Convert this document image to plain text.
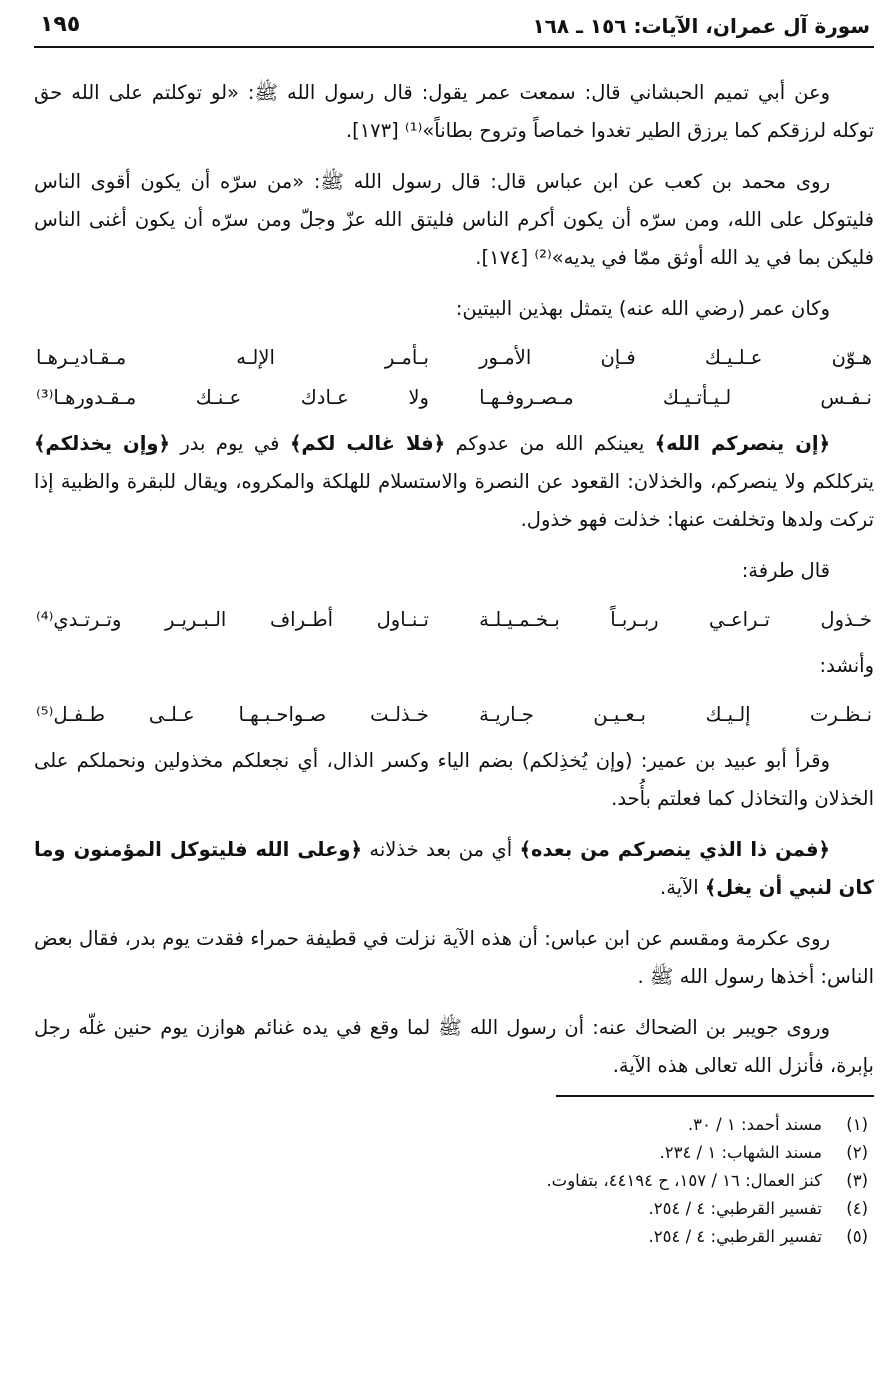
سورة آل عمران، الآيات: ١٥٦ ـ ١٦٨
١٩٥

وعن أبي تميم الحبشاني قال: سمعت عمر يقول: قال رسول الله ﷺ: «لو توكلتم على الله حق توكله لرزقكم كما يرزق الطير تغدوا خماصاً وتروح بطاناً»⁽¹⁾ [١٧٣].

روى محمد بن كعب عن ابن عباس قال: قال رسول الله ﷺ: «من سرّه أن يكون أقوى الناس فليتوكل على الله، ومن سرّه أن يكون أكرم الناس فليتق الله عزّ وجلّ ومن سرّه أن يكون أغنى الناس فليكن بما في يد الله أوثق ممّا في يديه»⁽²⁾ [١٧٤].

وكان عمر (رضي الله عنه) يتمثل بهذين البيتين:

هـوّن عـلـيـك فـإن الأمـور
بـأمـر الإلـه مـقـاديـرهـا
نـفـس لـيـأتـيـك مـصـروفـهـا
ولا عـادك عـنـك مـقـدورهـا⁽³⁾

﴿إن ينصركم الله﴾ يعينكم الله من عدوكم ﴿فلا غالب لكم﴾ في يوم بدر ﴿وإن يخذلكم﴾ يتركلكم ولا ينصركم، والخذلان: القعود عن النصرة والاستسلام للهلكة والمكروه، ويقال للبقرة والظبية إذا تركت ولدها وتخلفت عنها: خذلت فهو خذول.

قال طرفة:

خـذول تـراعـي ربـربـاً بـخـمـيـلـة
تـنـاول أطـراف الـبـريـر وتـرتـدي⁽⁴⁾

وأنشد:

نـظـرت إلـيـك بـعـيـن جـاريـة
خـذلـت صـواحـبـهـا عـلـى طـفـل⁽⁵⁾

وقرأ أبو عبيد بن عمير: (وإن يُخذِلكم) بضم الياء وكسر الذال، أي نجعلكم مخذولين ونحملكم على الخذلان والتخاذل كما فعلتم بأُحد.

﴿فمن ذا الذي ينصركم من بعده﴾ أي من بعد خذلانه ﴿وعلى الله فليتوكل المؤمنون وما كان لنبي أن يغل﴾ الآية.

روى عكرمة ومقسم عن ابن عباس: أن هذه الآية نزلت في قطيفة حمراء فقدت يوم بدر، فقال بعض الناس: أخذها رسول الله ﷺ .

وروى جويبر بن الضحاك عنه: أن رسول الله ﷺ لما وقع في يده غنائم هوازن يوم حنين غلّه رجل بإبرة، فأنزل الله تعالى هذه الآية.

(١)مسند أحمد: ١ / ٣٠.

(٢)مسند الشهاب: ١ / ٢٣٤.

(٣)كنز العمال: ١٦ / ١٥٧، ح ٤٤١٩٤، بتفاوت.

(٤)تفسير القرطبي: ٤ / ٢٥٤.

(٥)تفسير القرطبي: ٤ / ٢٥٤.
